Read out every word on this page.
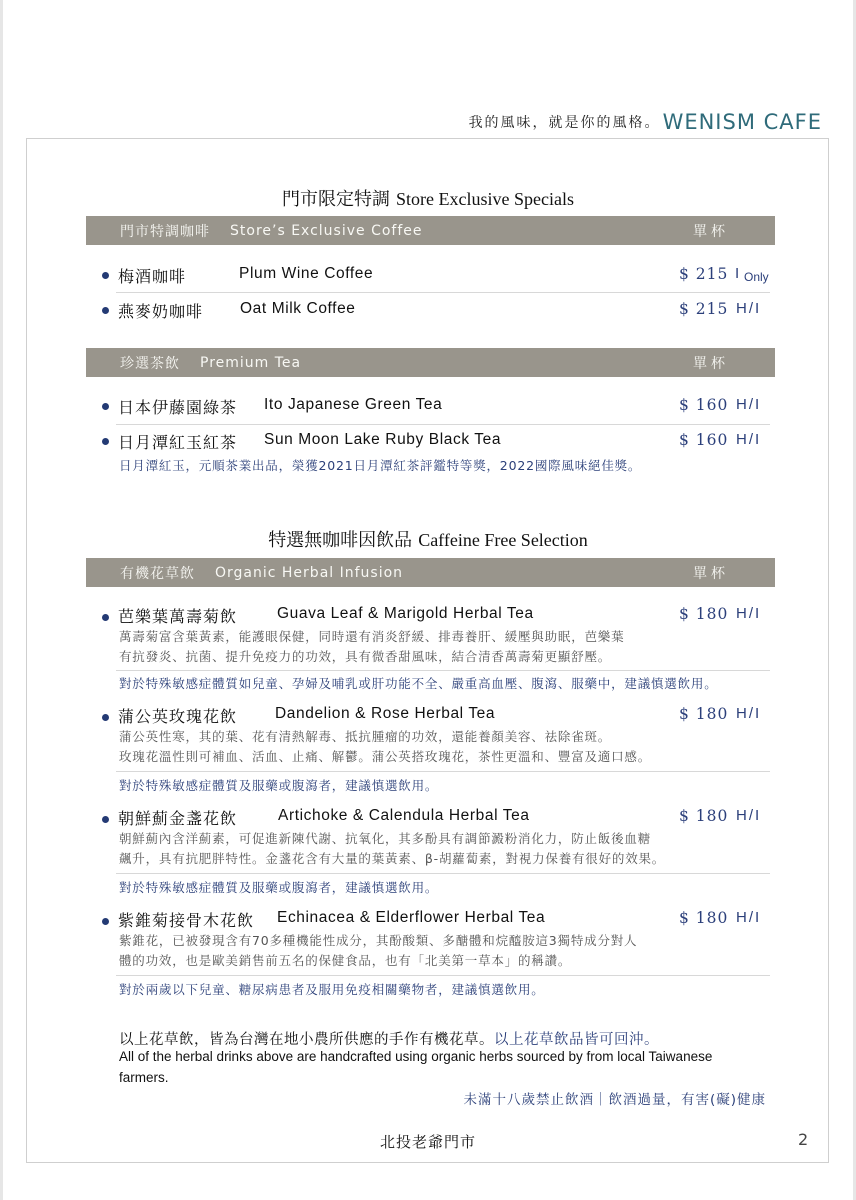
我的風味，就是你的風格。 WENISM CAFE
門市限定特調 Store Exclusive Specials
門市特調咖啡 Store’s Exclusive Coffee	單杯
梅酒咖啡	Plum Wine Coffee	$ 215 I Only
燕麥奶咖啡 Oat Milk Coffee	$ 215 H/I
珍選茶飲 Premium Tea	單杯
日本伊藤園綠茶 Ito Japanese Green Tea	$ 160 H/I
日月潭紅玉紅茶 Sun Moon Lake Ruby Black Tea	$ 160 H/I
日月潭紅玉，元順茶業出品，榮獲2021日月潭紅茶評鑑特等獎，2022國際風味絕佳獎。
特選無咖啡因飲品 Caffeine Free Selection
有機花草飲 Organic Herbal Infusion	單杯
芭樂葉萬壽菊飲	Guava Leaf & Marigold Herbal Tea	$ 180 H/I
萬壽菊富含葉黃素，能護眼保健，同時還有消炎舒緩、排毒養肝、緩壓與助眠，芭樂葉
有抗發炎、抗菌、提升免疫力的功效，具有微香甜風味，結合清香萬壽菊更顯舒壓。
對於特殊敏感症體質如兒童、孕婦及哺乳或肝功能不全、嚴重高血壓、腹瀉、服藥中，建議慎選飲用。
蒲公英玫瑰花飲 Dandelion & Rose Herbal Tea	$ 180 H/I
蒲公英性寒，其的葉、花有清熱解毒、抵抗腫瘤的功效，還能養顏美容、祛除雀斑。
玫瑰花溫性則可補血、活血、止痛、解鬱。蒲公英搭玫瑰花，茶性更溫和、豐富及適口感。
對於特殊敏感症體質及服藥或腹瀉者，建議慎選飲用。
朝鮮薊金盞花飲	Artichoke & Calendula Herbal Tea	$ 180 H/I
朝鮮薊內含洋薊素，可促進新陳代謝、抗氧化，其多酚具有調節澱粉消化力，防止飯後血糖
飆升，具有抗肥胖特性。金盞花含有大量的葉黃素、β-胡蘿蔔素，對視力保養有很好的效果。
對於特殊敏感症體質及服藥或腹瀉者，建議慎選飲用。
紫錐菊接骨木花飲 Echinacea & Elderflower Herbal Tea	$ 180 H/I
紫錐花，已被發現含有70多種機能性成分，其酚酸類、多醣體和烷醯胺這3獨特成分對人
體的功效，也是歐美銷售前五名的保健食品，也有「北美第一草本」的稱讚。
對於兩歲以下兒童、糖尿病患者及服用免疫相關藥物者，建議慎選飲用。
以上花草飲，皆為台灣在地小農所供應的手作有機花草。以上花草飲品皆可回沖。
All of the herbal drinks above are handcrafted using organic herbs sourced by from local Taiwanese farmers.
未滿十八歲禁止飲酒｜飲酒過量，有害(礙)健康
北投老爺門市	2
